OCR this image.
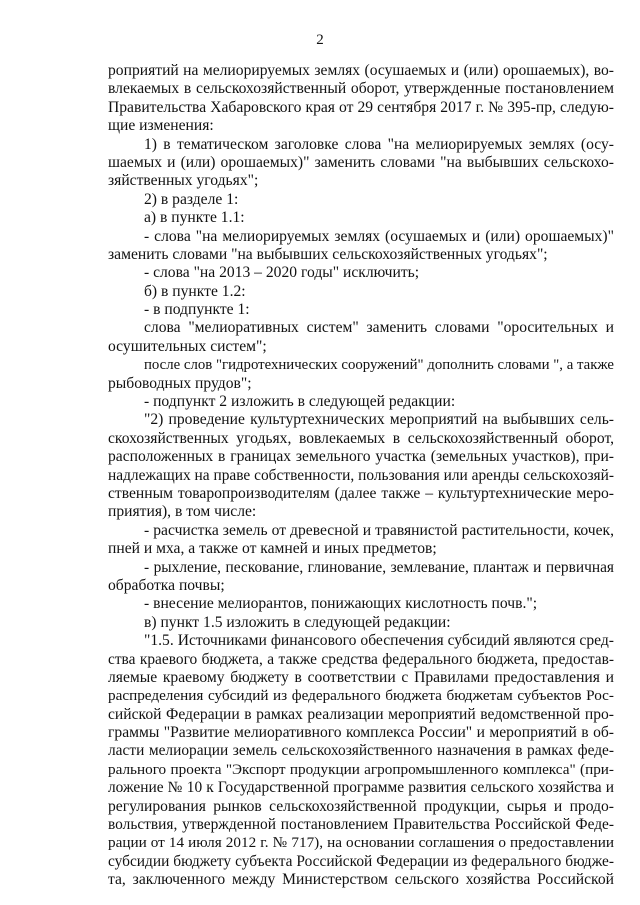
2
роприятий на мелиорируемых землях (осушаемых и (или) орошаемых), во-
влекаемых в сельскохозяйственный оборот, утвержденные постановлением
Правительства Хабаровского края от 29 сентября 2017 г. № 395-пр, следую-
щие изменения:
1) в тематическом заголовке слова "на мелиорируемых землях (осу-
шаемых и (или) орошаемых)" заменить словами "на выбывших сельскохо-
зяйственных угодьях";
2) в разделе 1:
а) в пункте 1.1:
- слова "на мелиорируемых землях (осушаемых и (или) орошаемых)"
заменить словами "на выбывших сельскохозяйственных угодьях";
- слова "на 2013 – 2020 годы" исключить;
б) в пункте 1.2:
- в подпункте 1:
слова "мелиоративных систем" заменить словами "оросительных и
осушительных систем";
после слов "гидротехнических сооружений" дополнить словами ", а также
рыбоводных прудов";
- подпункт 2 изложить в следующей редакции:
"2) проведение культуртехнических мероприятий на выбывших сель-
скохозяйственных угодьях, вовлекаемых в сельскохозяйственный оборот,
расположенных в границах земельного участка (земельных участков), при-
надлежащих на праве собственности, пользования или аренды сельскохозяй-
ственным товаропроизводителям (далее также – культуртехнические меро-
приятия), в том числе:
- расчистка земель от древесной и травянистой растительности, кочек,
пней и мха, а также от камней и иных предметов;
- рыхление, пескование, глинование, землевание, плантаж и первичная
обработка почвы;
- внесение мелиорантов, понижающих кислотность почв.";
в) пункт 1.5 изложить в следующей редакции:
"1.5. Источниками финансового обеспечения субсидий являются сред-
ства краевого бюджета, а также средства федерального бюджета, предостав-
ляемые краевому бюджету в соответствии с Правилами предоставления и
распределения субсидий из федерального бюджета бюджетам субъектов Рос-
сийской Федерации в рамках реализации мероприятий ведомственной про-
граммы "Развитие мелиоративного комплекса России" и мероприятий в об-
ласти мелиорации земель сельскохозяйственного назначения в рамках феде-
рального проекта "Экспорт продукции агропромышленного комплекса" (при-
ложение № 10 к Государственной программе развития сельского хозяйства и
регулирования рынков сельскохозяйственной продукции, сырья и продо-
вольствия, утвержденной постановлением Правительства Российской Феде-
рации от 14 июля 2012 г. № 717), на основании соглашения о предоставлении
субсидии бюджету субъекта Российской Федерации из федерального бюдже-
та, заключенного между Министерством сельского хозяйства Российской
